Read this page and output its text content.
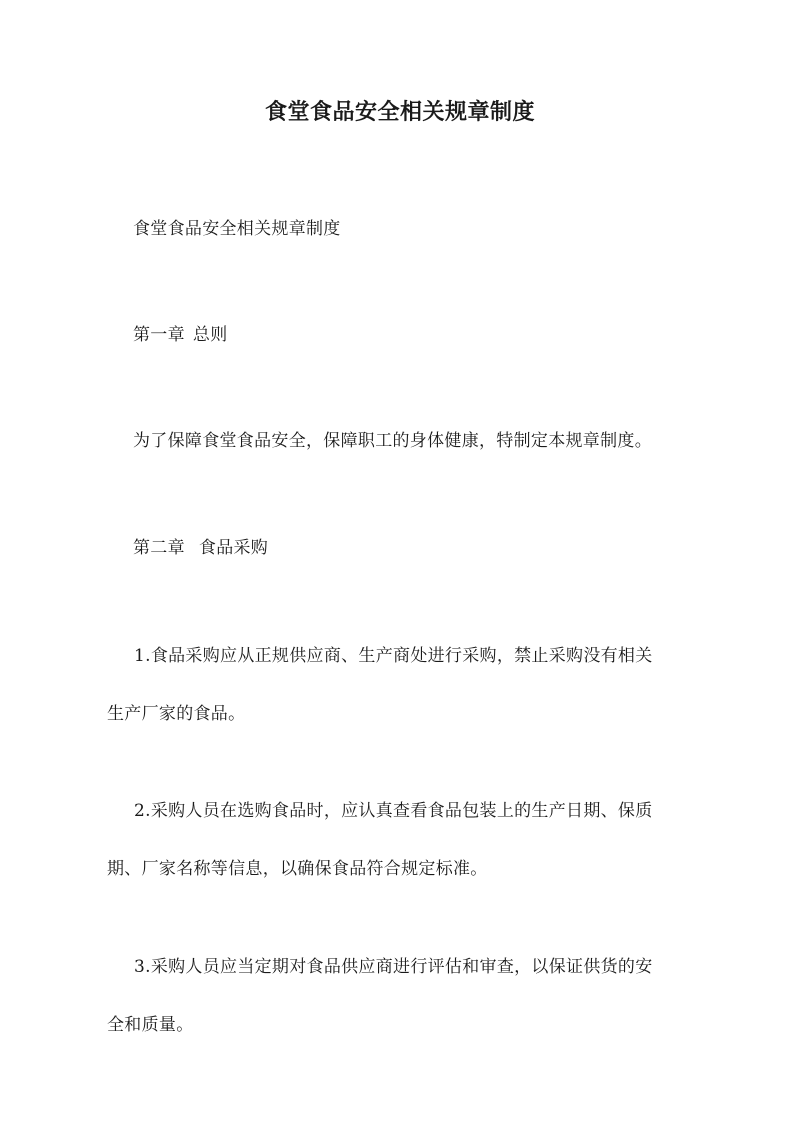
食堂食品安全相关规章制度
食堂食品安全相关规章制度
第一章 总则
为了保障食堂食品安全，保障职工的身体健康，特制定本规章制度。
第二章 食品采购
1.食品采购应从正规供应商、生产商处进行采购，禁止采购没有相关
生产厂家的食品。
2.采购人员在选购食品时，应认真查看食品包装上的生产日期、保质
期、厂家名称等信息，以确保食品符合规定标准。
3.采购人员应当定期对食品供应商进行评估和审查，以保证供货的安
全和质量。
